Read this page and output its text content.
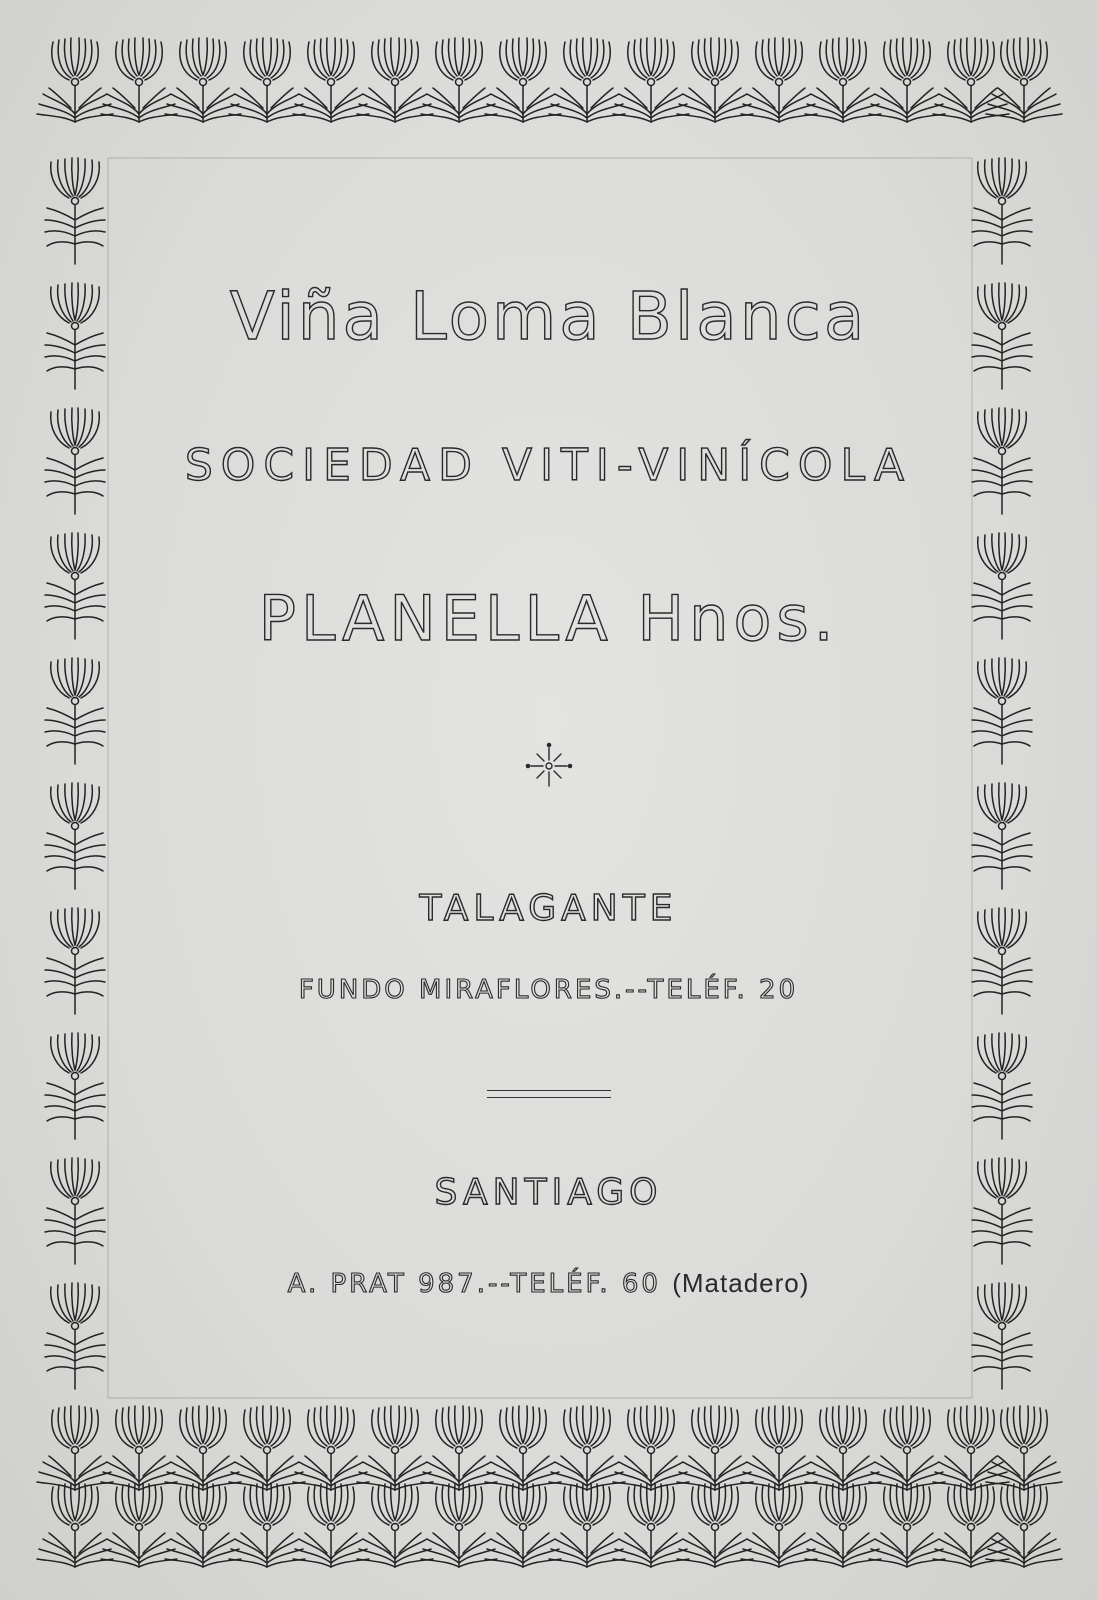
Viña Loma Blanca
SOCIEDAD VITI-VINÍCOLA
PLANELLA Hnos.
TALAGANTE
FUNDO MIRAFLORES.--TELÉF. 20
SANTIAGO
A. PRAT 987.--TELÉF. 60 (Matadero)
